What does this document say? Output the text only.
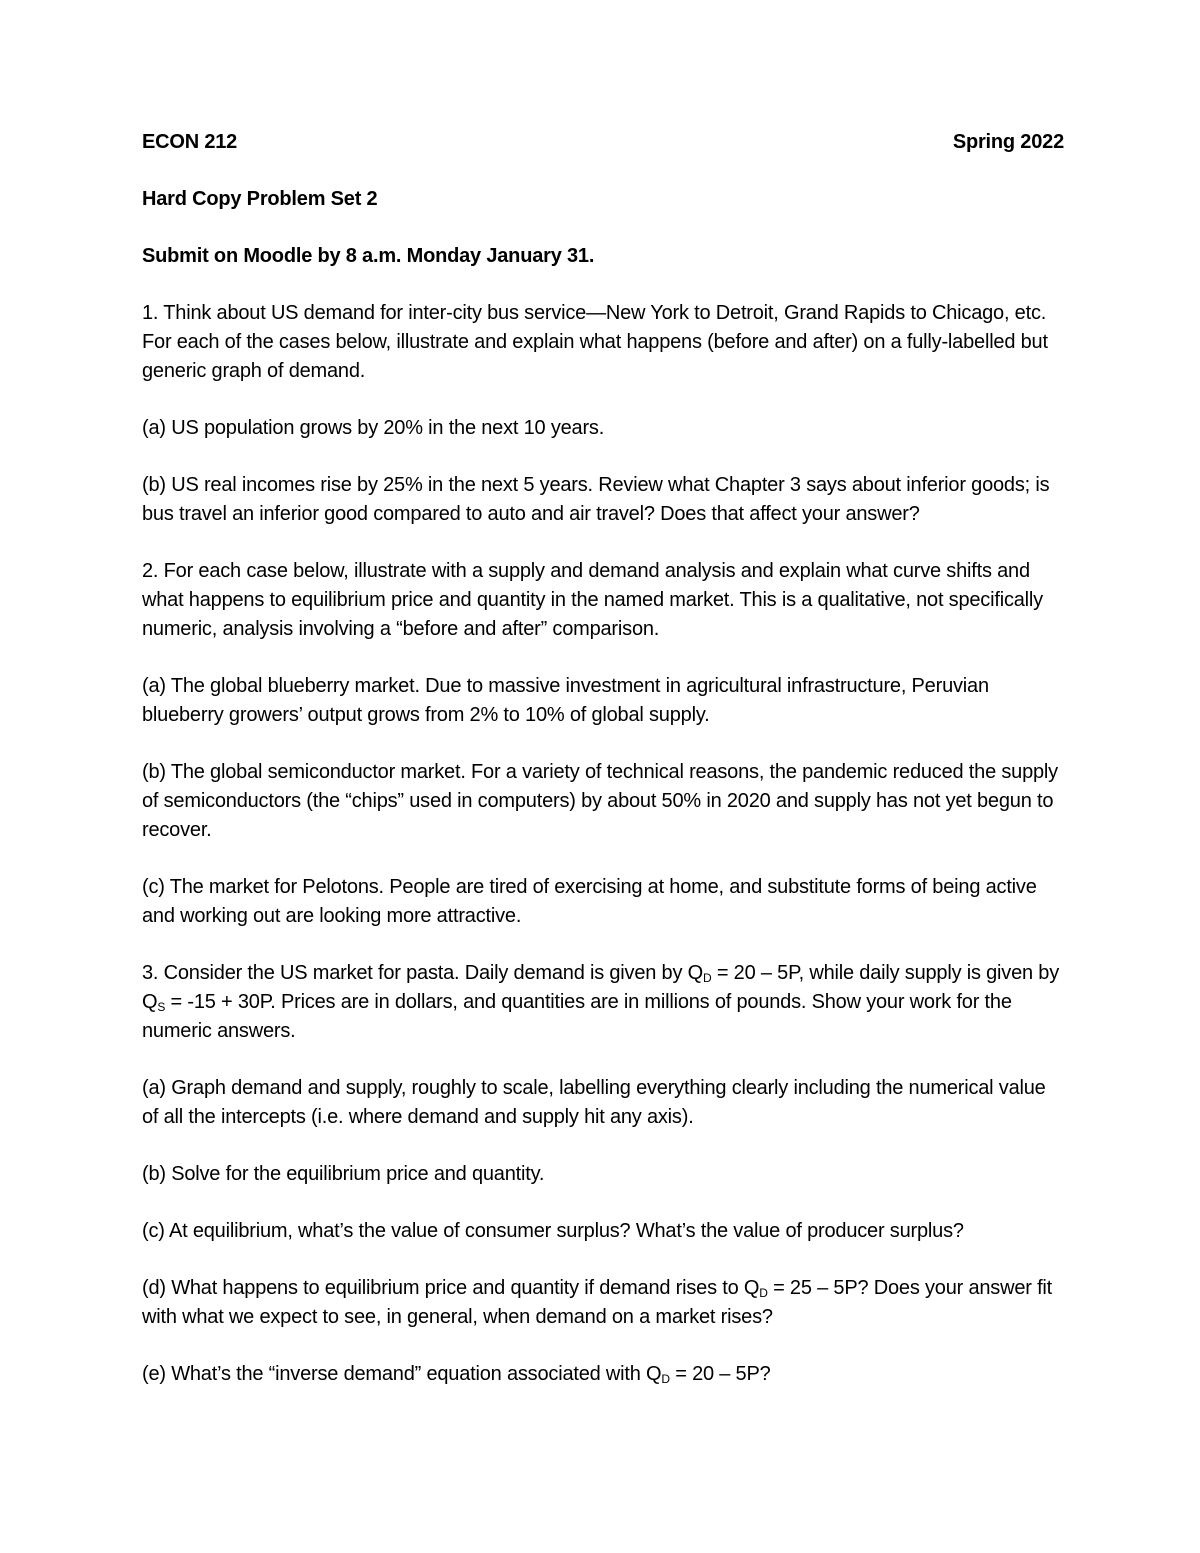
ECON 212	Spring 2022
Hard Copy Problem Set 2
Submit on Moodle by 8 a.m. Monday January 31.
1. Think about US demand for inter-city bus service—New York to Detroit, Grand Rapids to Chicago, etc. For each of the cases below, illustrate and explain what happens (before and after) on a fully-labelled but generic graph of demand.
(a) US population grows by 20% in the next 10 years.
(b) US real incomes rise by 25% in the next 5 years. Review what Chapter 3 says about inferior goods; is bus travel an inferior good compared to auto and air travel? Does that affect your answer?
2. For each case below, illustrate with a supply and demand analysis and explain what curve shifts and what happens to equilibrium price and quantity in the named market. This is a qualitative, not specifically numeric, analysis involving a “before and after” comparison.
(a) The global blueberry market. Due to massive investment in agricultural infrastructure, Peruvian blueberry growers’ output grows from 2% to 10% of global supply.
(b) The global semiconductor market. For a variety of technical reasons, the pandemic reduced the supply of semiconductors (the “chips” used in computers) by about 50% in 2020 and supply has not yet begun to recover.
(c) The market for Pelotons. People are tired of exercising at home, and substitute forms of being active and working out are looking more attractive.
3. Consider the US market for pasta. Daily demand is given by $Q_D = 20 - 5P$, while daily supply is given by $Q_S = -15 + 30P$. Prices are in dollars, and quantities are in millions of pounds. Show your work for the numeric answers.
(a) Graph demand and supply, roughly to scale, labelling everything clearly including the numerical value of all the intercepts (i.e. where demand and supply hit any axis).
(b) Solve for the equilibrium price and quantity.
(c) At equilibrium, what’s the value of consumer surplus? What’s the value of producer surplus?
(d) What happens to equilibrium price and quantity if demand rises to $Q_D = 25 - 5P$? Does your answer fit with what we expect to see, in general, when demand on a market rises?
(e) What’s the “inverse demand” equation associated with $Q_D = 20 - 5P$?
